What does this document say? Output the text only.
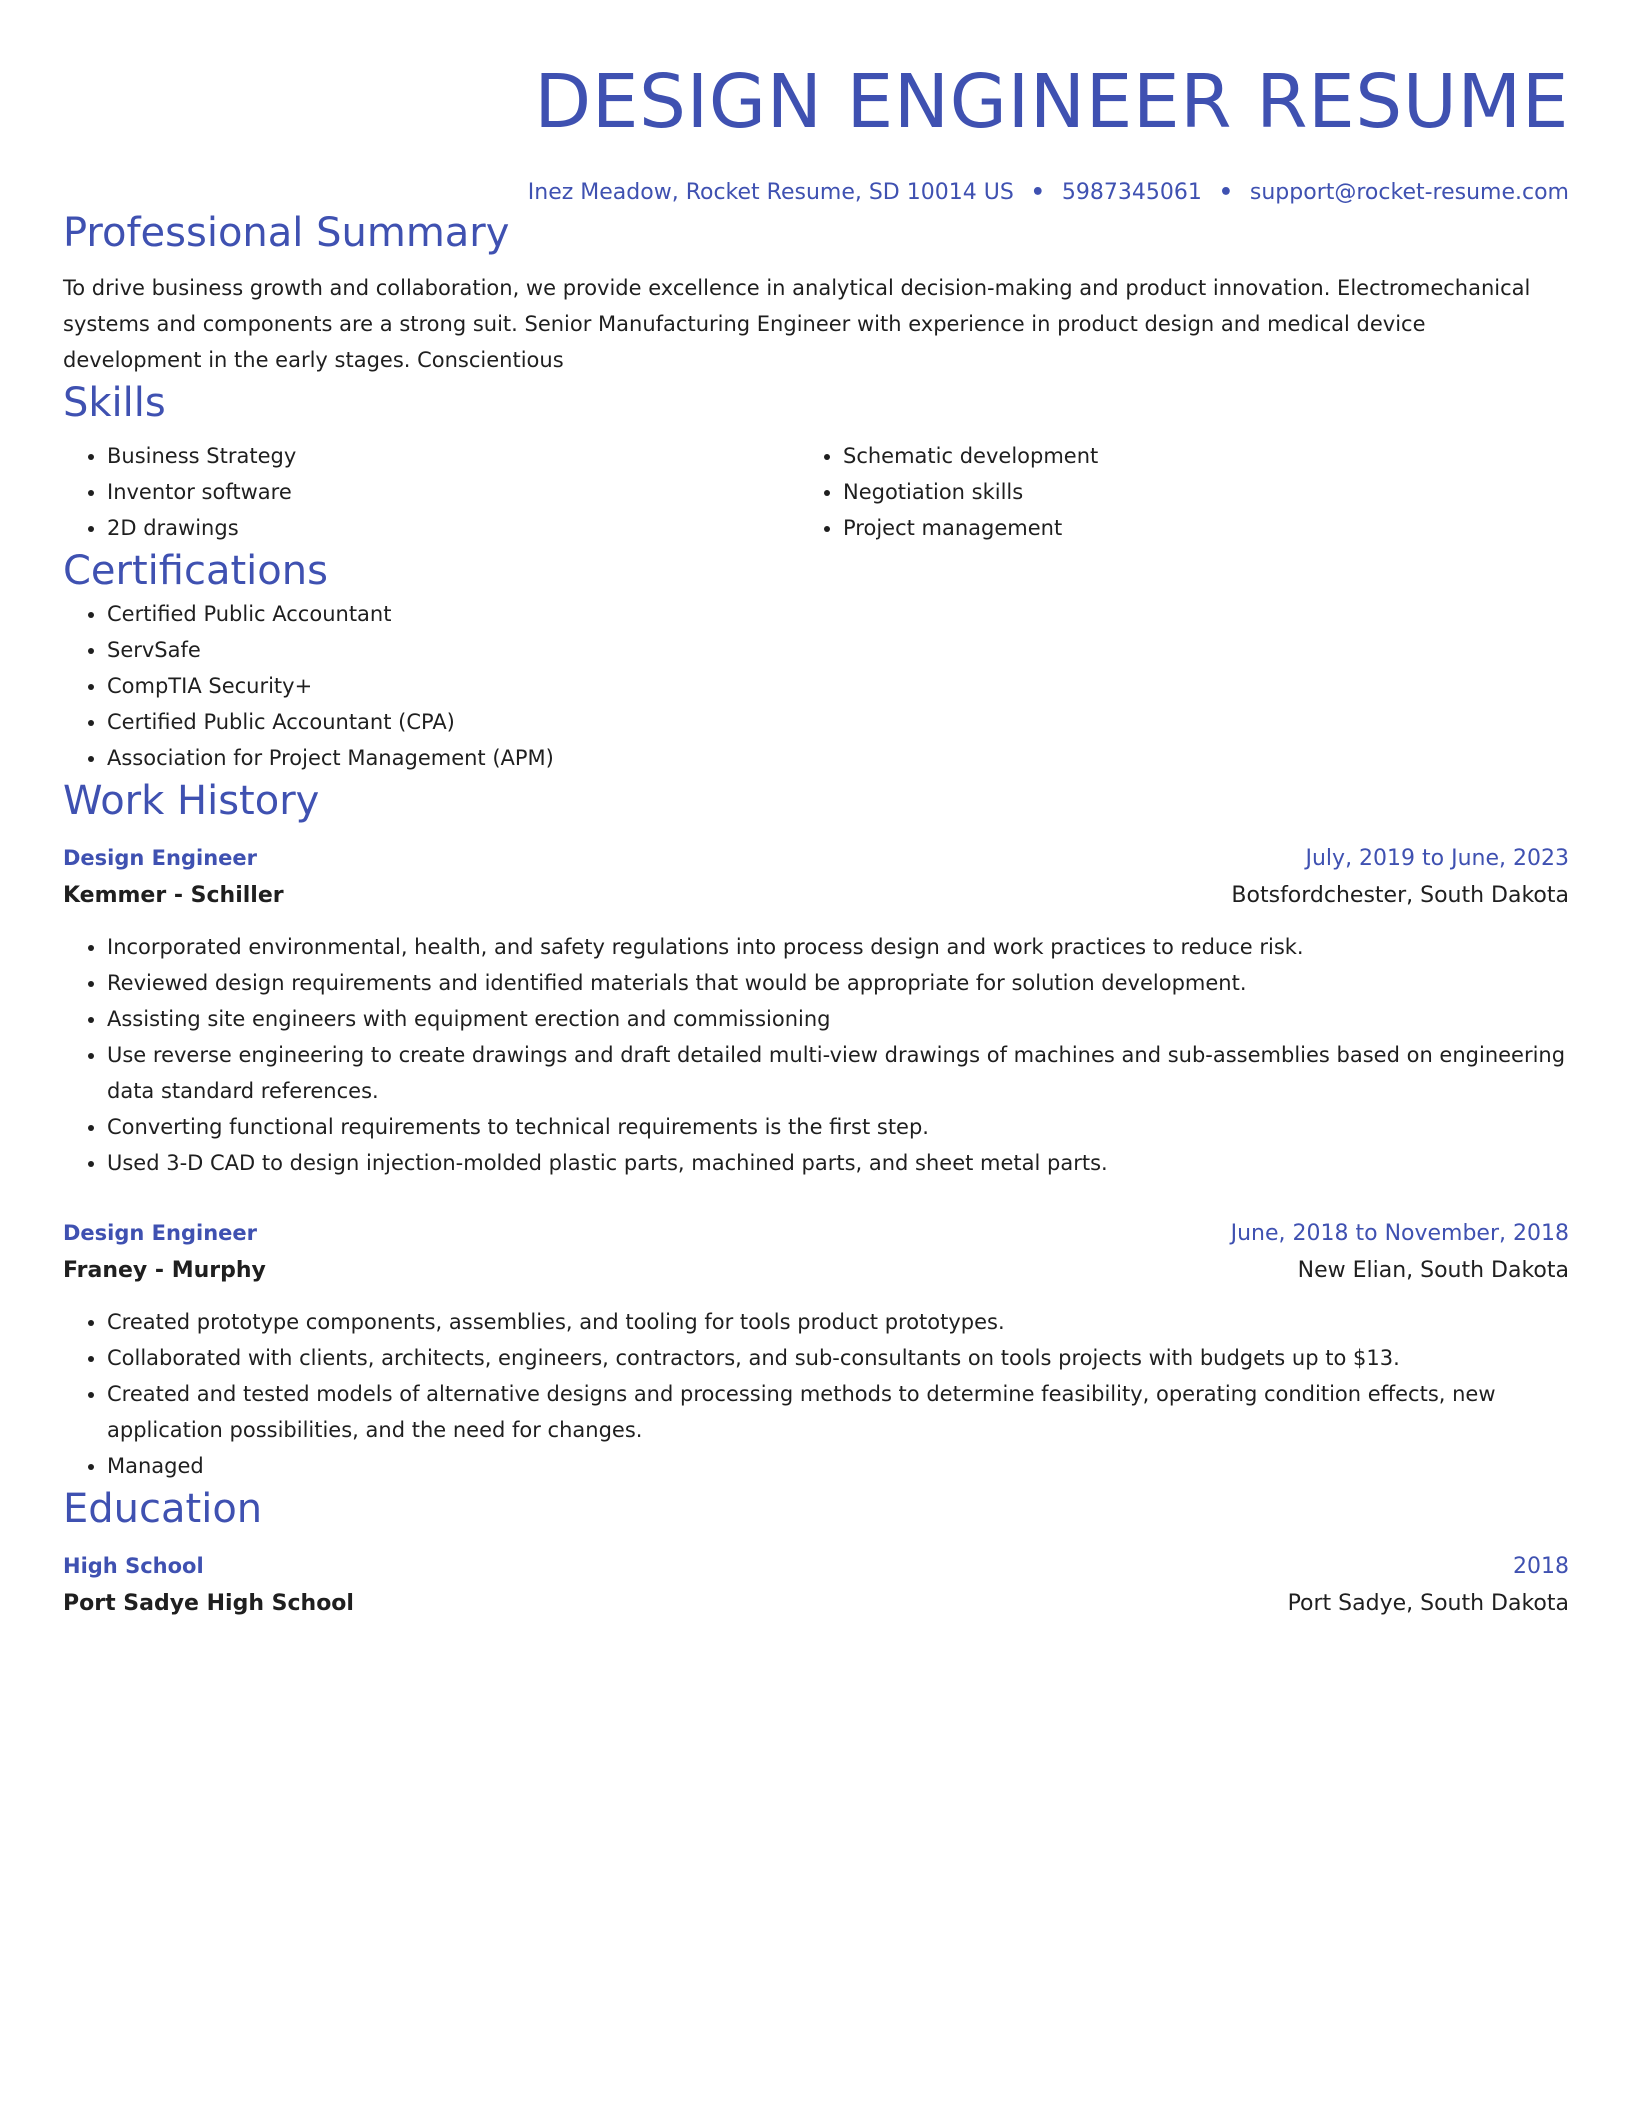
DESIGN ENGINEER RESUME
Inez Meadow, Rocket Resume, SD 10014 US • 5987345061 • support@rocket-resume.com
Professional Summary

To drive business growth and collaboration, we provide excellence in analytical decision-making and product innovation. Electromechanical systems and components are a strong suit. Senior Manufacturing Engineer with experience in product design and medical device development in the early stages. Conscientious

Skills
• Business Strategy
• Inventor software
• 2D drawings
• Schematic development
• Negotiation skills
• Project management
Certifications
• Certified Public Accountant
• ServSafe
• CompTIA Security+
• Certified Public Accountant (CPA)
• Association for Project Management (APM)
Work History
Design Engineer	July, 2019 to June, 2023
Kemmer - Schiller	Botsfordchester, South Dakota
• Incorporated environmental, health, and safety regulations into process design and work practices to reduce risk.
• Reviewed design requirements and identified materials that would be appropriate for solution development.
• Assisting site engineers with equipment erection and commissioning
• Use reverse engineering to create drawings and draft detailed multi-view drawings of machines and sub-assemblies based on engineering data standard references.
• Converting functional requirements to technical requirements is the first step.
• Used 3-D CAD to design injection-molded plastic parts, machined parts, and sheet metal parts.
Design Engineer	June, 2018 to November, 2018
Franey - Murphy	New Elian, South Dakota
• Created prototype components, assemblies, and tooling for tools product prototypes.
• Collaborated with clients, architects, engineers, contractors, and sub-consultants on tools projects with budgets up to $13.
• Created and tested models of alternative designs and processing methods to determine feasibility, operating condition effects, new application possibilities, and the need for changes.
• Managed
Education
High School	2018
Port Sadye High School	Port Sadye, South Dakota
